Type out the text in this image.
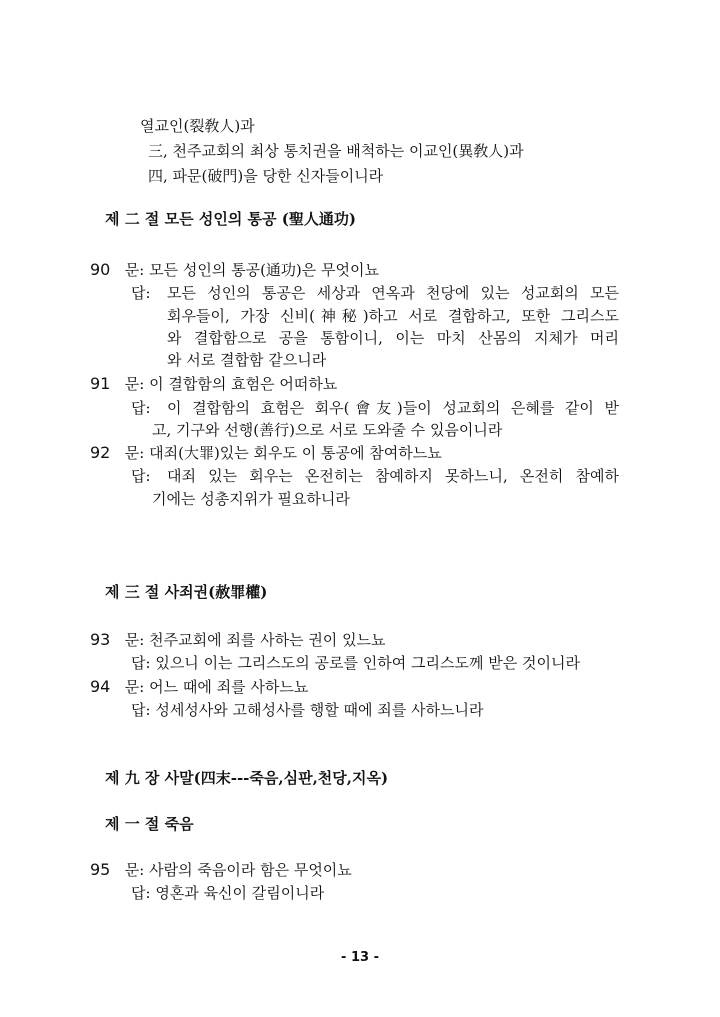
열교인(裂敎人)과
三, 천주교회의 최상 통치권을 배척하는 이교인(異敎人)과
四, 파문(破門)을 당한 신자들이니라
제 二 절 모든 성인의 통공 (聖人通功)
90 문: 모든 성인의 통공(通功)은 무엇이뇨
답: 모든 성인의 통공은 세상과 연옥과 천당에 있는 성교회의 모든
회우들이, 가장 신비(神秘)하고 서로 결합하고, 또한 그리스도
와 결합함으로 공을 통함이니, 이는 마치 산몸의 지체가 머리
와 서로 결합함 같으니라
91 문: 이 결합함의 효험은 어떠하뇨
답: 이 결합함의 효험은 회우(會友)들이 성교회의 은혜를 같이 받
고, 기구와 선행(善行)으로 서로 도와줄 수 있음이니라
92 문: 대죄(大罪)있는 회우도 이 통공에 참여하느뇨
답: 대죄 있는 회우는 온전히는 참예하지 못하느니, 온전히 참예하
기에는 성총지위가 필요하니라
제 三 절 사죄권(赦罪權)
93 문: 천주교회에 죄를 사하는 권이 있느뇨
답: 있으니 이는 그리스도의 공로를 인하여 그리스도께 받은 것이니라
94 문: 어느 때에 죄를 사하느뇨
답: 성세성사와 고해성사를 행할 때에 죄를 사하느니라
제 九 장 사말(四末---죽음,심판,천당,지옥)
제 一 절 죽음
95 문: 사람의 죽음이라 함은 무엇이뇨
답: 영혼과 육신이 갈림이니라
- 13 -
